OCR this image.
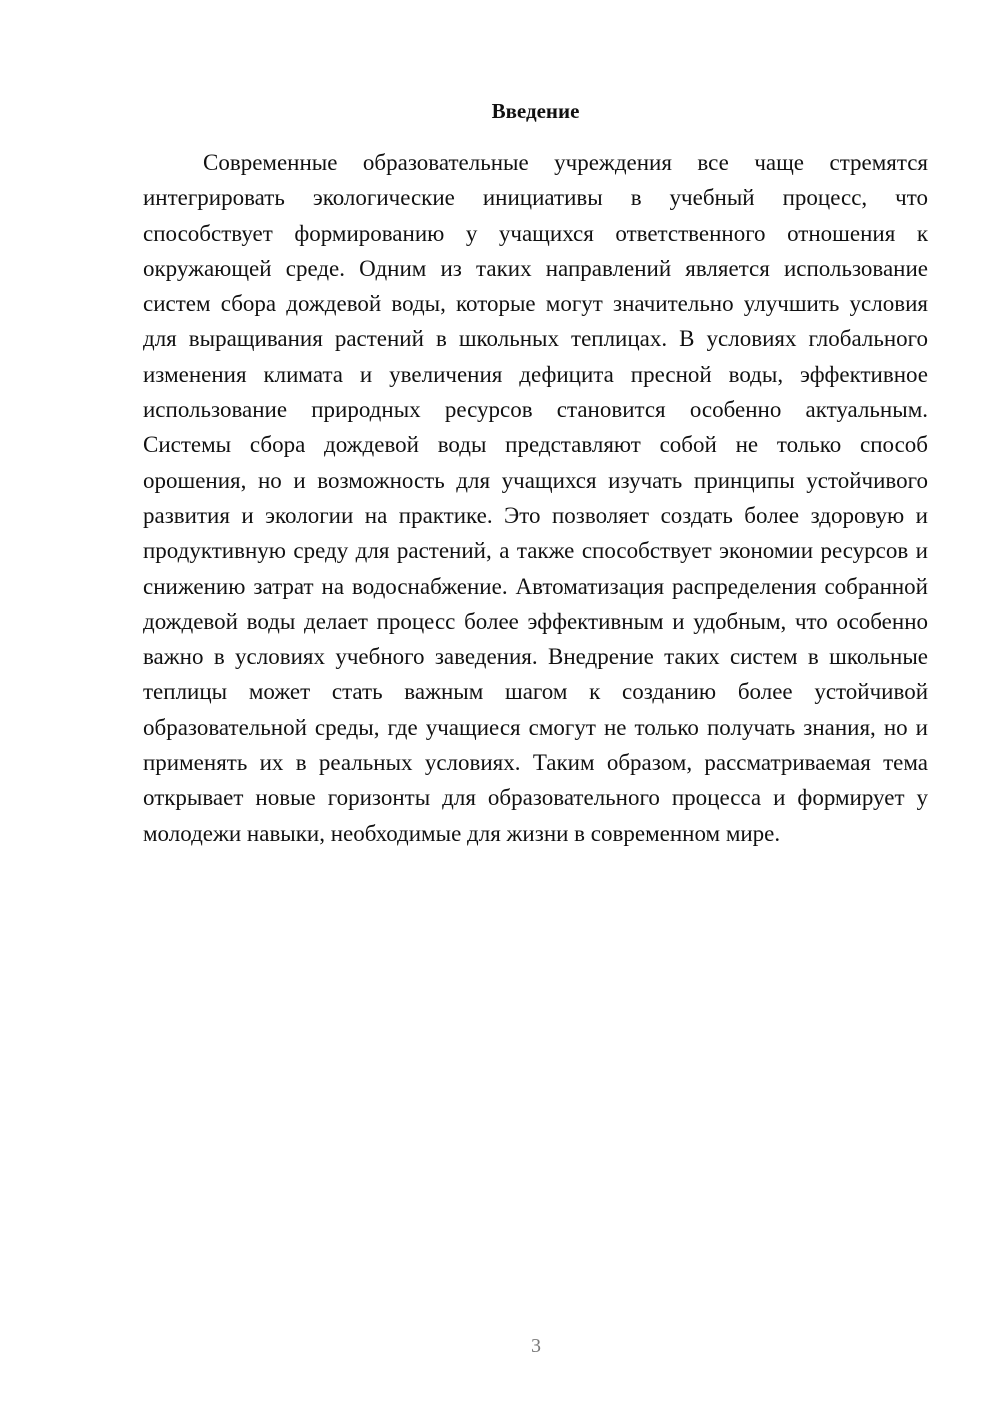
Введение

Современные образовательные учреждения все чаще стремятся интегрировать экологические инициативы в учебный процесс, что способствует формированию у учащихся ответственного отношения к окружающей среде. Одним из таких направлений является использование систем сбора дождевой воды, которые могут значительно улучшить условия для выращивания растений в школьных теплицах. В условиях глобального изменения климата и увеличения дефицита пресной воды, эффективное использование природных ресурсов становится особенно актуальным. Системы сбора дождевой воды представляют собой не только способ орошения, но и возможность для учащихся изучать принципы устойчивого развития и экологии на практике. Это позволяет создать более здоровую и продуктивную среду для растений, а также способствует экономии ресурсов и снижению затрат на водоснабжение. Автоматизация распределения собранной дождевой воды делает процесс более эффективным и удобным, что особенно важно в условиях учебного заведения. Внедрение таких систем в школьные теплицы может стать важным шагом к созданию более устойчивой образовательной среды, где учащиеся смогут не только получать знания, но и применять их в реальных условиях. Таким образом, рассматриваемая тема открывает новые горизонты для образовательного процесса и формирует у молодежи навыки, необходимые для жизни в современном мире.

3
